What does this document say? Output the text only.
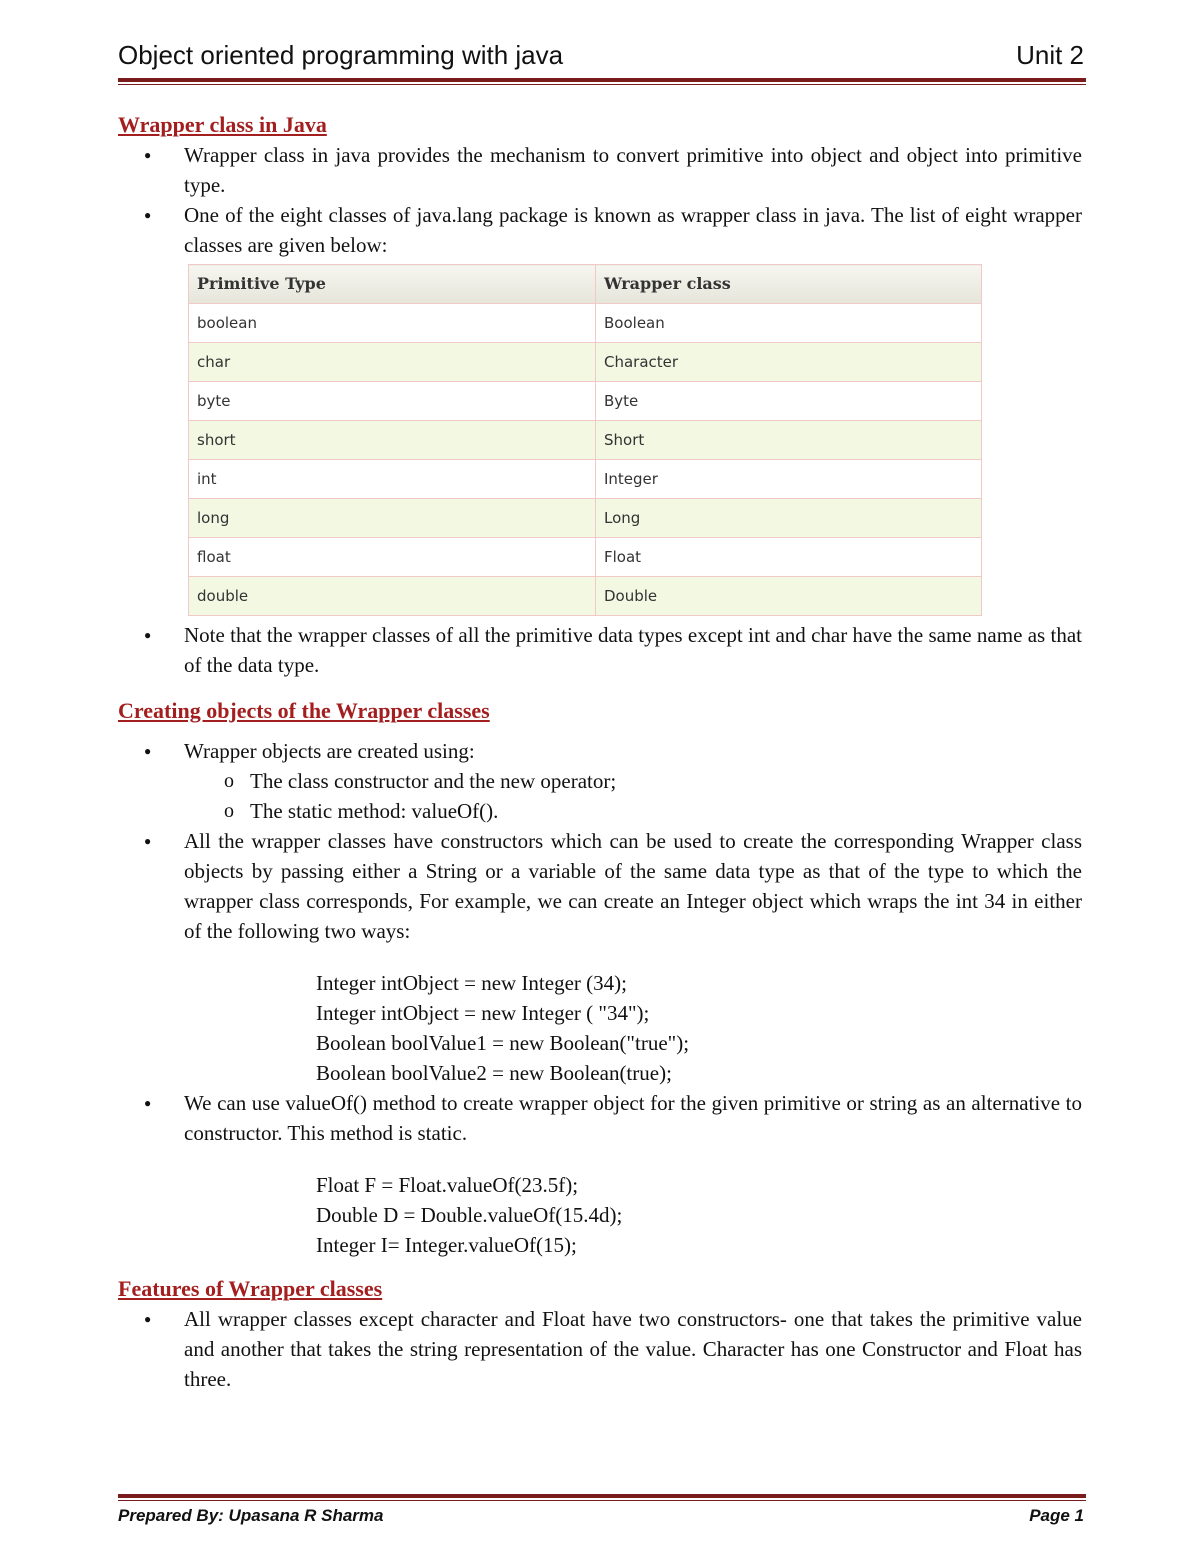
Object oriented programming with java	Unit 2
Wrapper class in Java
● Wrapper class in java provides the mechanism to convert primitive into object and object into primitive type.
● One of the eight classes of java.lang package is known as wrapper class in java. The list of eight wrapper classes are given below:
Primitive Type	Wrapper class
boolean	Boolean
char	Character
byte	Byte
short	Short
int	Integer
long	Long
float	Float
double	Double
● Note that the wrapper classes of all the primitive data types except int and char have the same name as that of the data type.
Creating objects of the Wrapper classes
● Wrapper objects are created using:
o The class constructor and the new operator;
o The static method: valueOf().
● All the wrapper classes have constructors which can be used to create the corresponding Wrapper class objects by passing either a String or a variable of the same data type as that of the type to which the wrapper class corresponds, For example, we can create an Integer object which wraps the int 34 in either of the following two ways:
Integer intObject = new Integer (34);
Integer intObject = new Integer ( "34");
Boolean boolValue1 = new Boolean("true");
Boolean boolValue2 = new Boolean(true);
● We can use valueOf() method to create wrapper object for the given primitive or string as an alternative to constructor. This method is static.
Float F = Float.valueOf(23.5f);
Double D = Double.valueOf(15.4d);
Integer I= Integer.valueOf(15);
Features of Wrapper classes
● All wrapper classes except character and Float have two constructors- one that takes the primitive value and another that takes the string representation of the value. Character has one Constructor and Float has three.
Prepared By: Upasana R Sharma	Page 1
